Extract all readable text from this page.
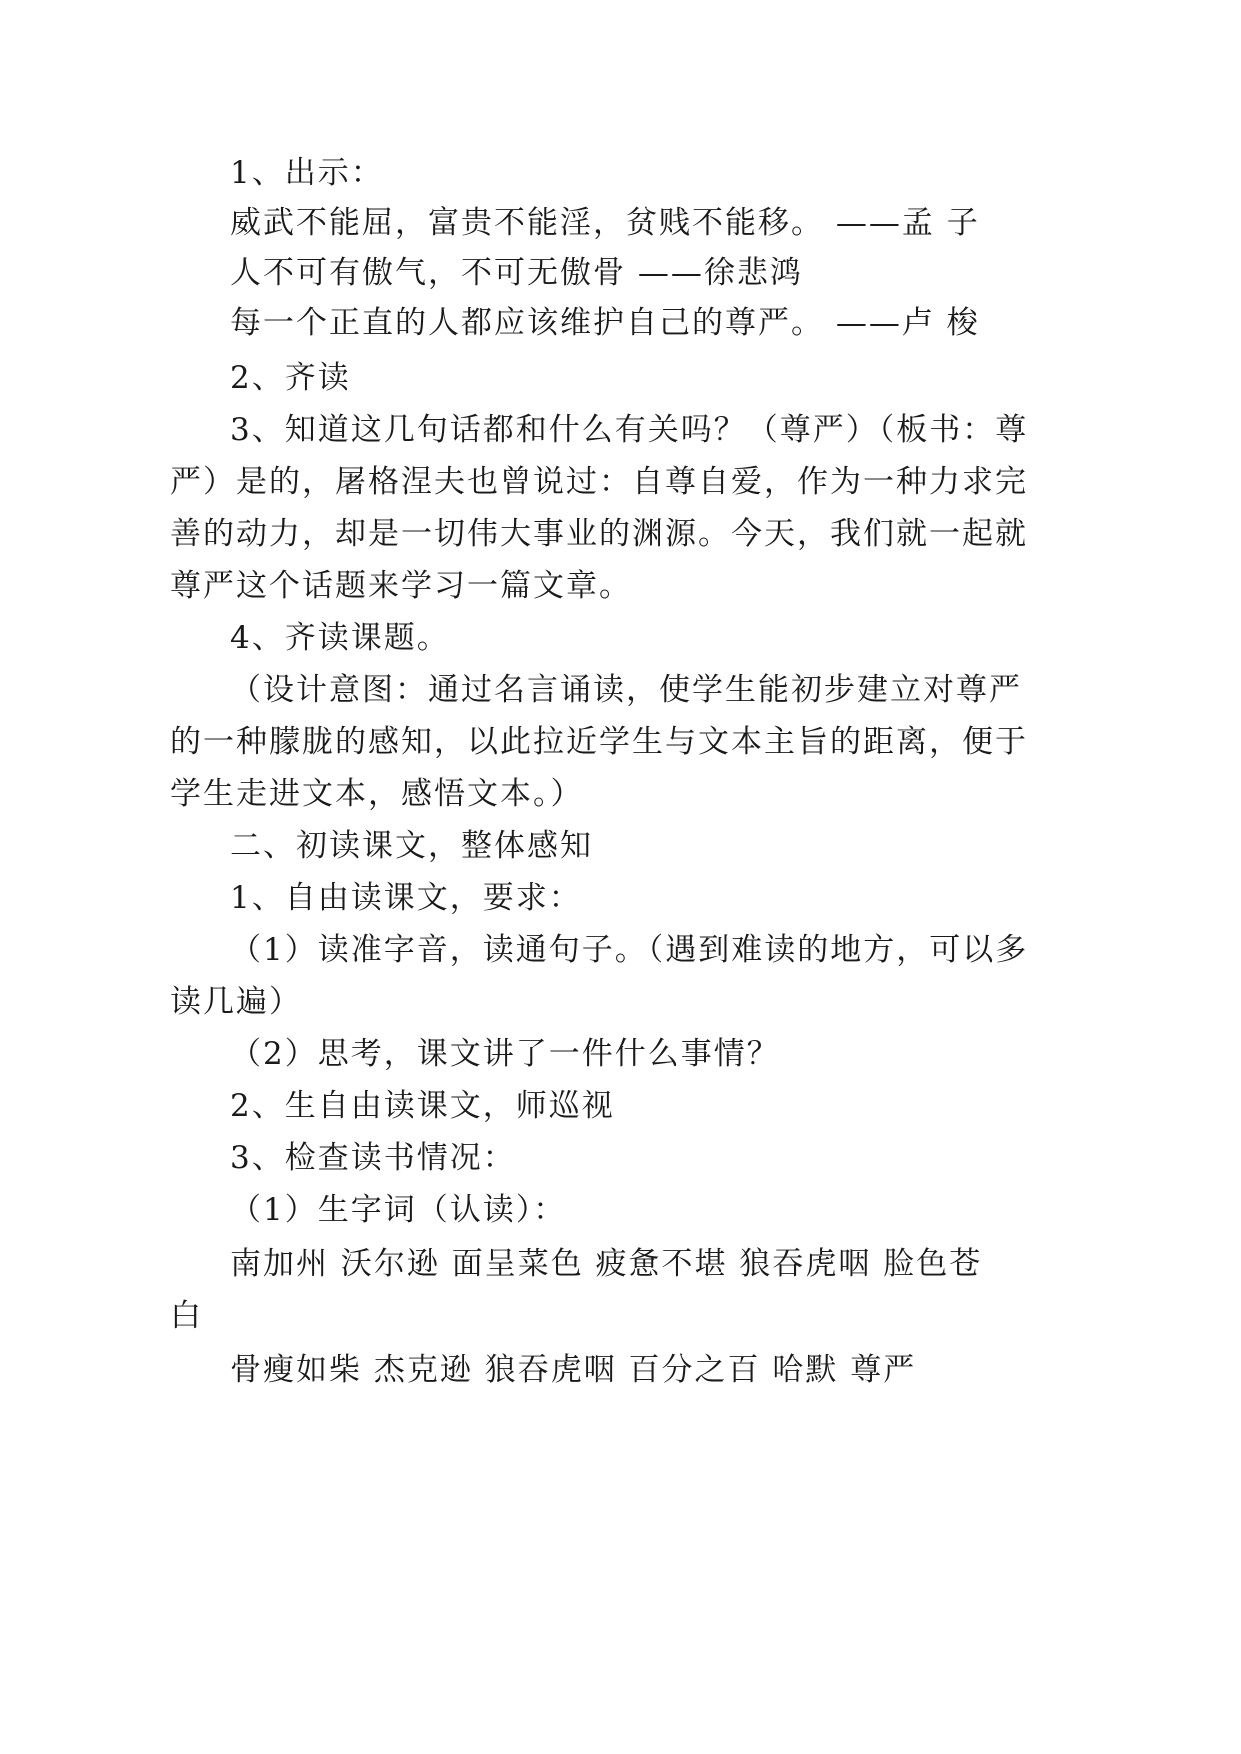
1、出示：
威武不能屈，富贵不能淫，贫贱不能移。 ——孟 子
人不可有傲气，不可无傲骨 ——徐悲鸿
每一个正直的人都应该维护自己的尊严。 ——卢 梭
2、齐读
3、知道这几句话都和什么有关吗？（尊严）（板书：尊
严）是的，屠格涅夫也曾说过：自尊自爱，作为一种力求完
善的动力，却是一切伟大事业的渊源。今天，我们就一起就
尊严这个话题来学习一篇文章。
4、齐读课题。
（设计意图：通过名言诵读，使学生能初步建立对尊严
的一种朦胧的感知，以此拉近学生与文本主旨的距离，便于
学生走进文本，感悟文本。）
二、初读课文，整体感知
1、自由读课文，要求：
（1）读准字音，读通句子。（遇到难读的地方，可以多
读几遍）
（2）思考，课文讲了一件什么事情？
2、生自由读课文，师巡视
3、检查读书情况：
（1）生字词（认读）：
南加州 沃尔逊 面呈菜色 疲惫不堪 狼吞虎咽 脸色苍
白
骨瘦如柴 杰克逊 狼吞虎咽 百分之百 哈默 尊严
